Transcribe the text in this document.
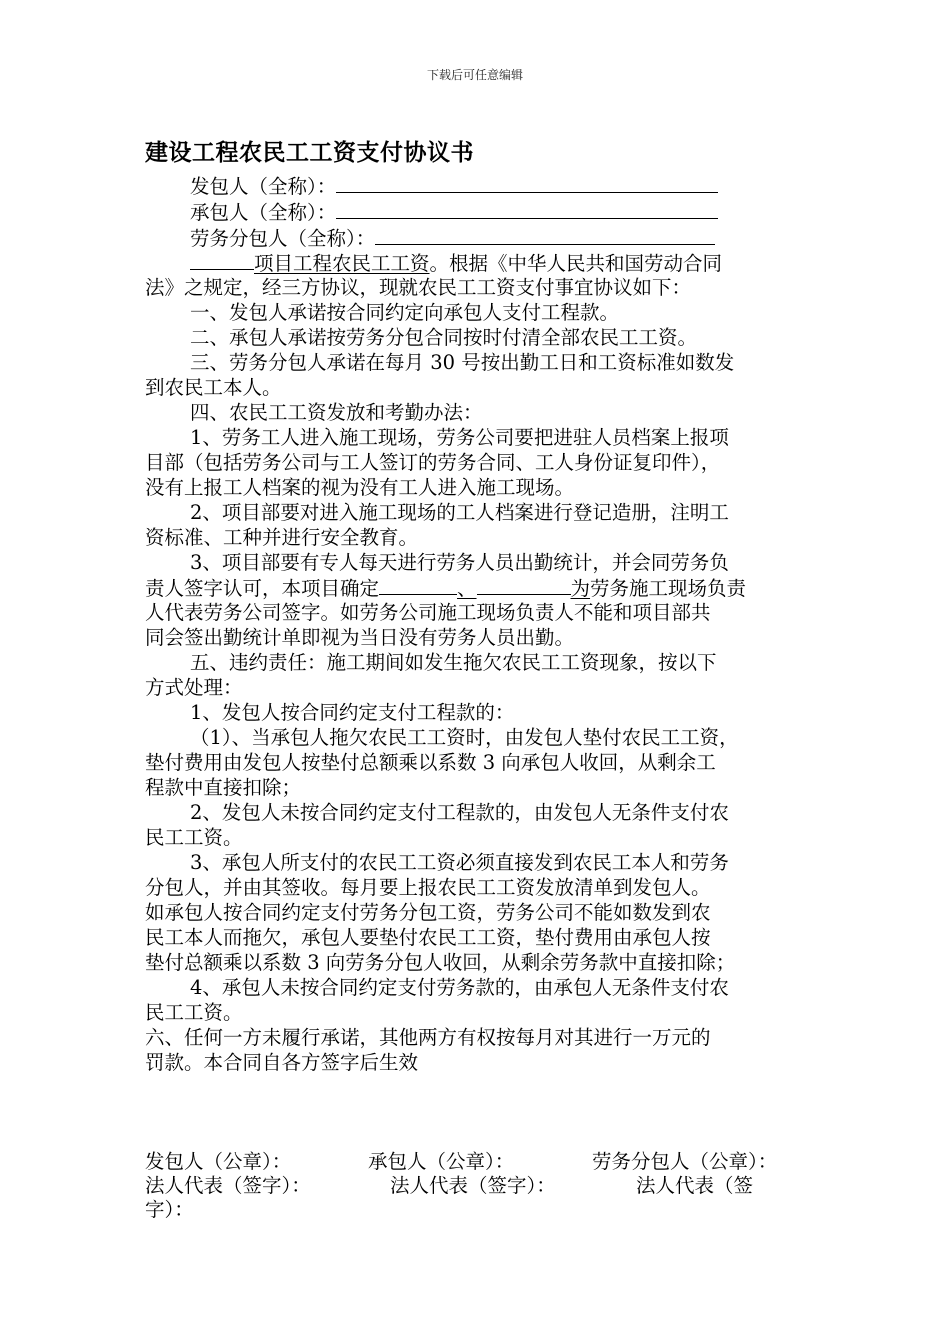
下载后可任意编辑
建设工程农民工工资支付协议书
发包人（全称）：
承包人（全称）：
劳务分包人（全称）：
项目工程农民工工资。根据《中华人民共和国劳动合同
法》之规定，经三方协议，现就农民工工资支付事宜协议如下：
一、发包人承诺按合同约定向承包人支付工程款。
二、承包人承诺按劳务分包合同按时付清全部农民工工资。
三、劳务分包人承诺在每月 30 号按出勤工日和工资标准如数发
到农民工本人。
四、农民工工资发放和考勤办法：
1、劳务工人进入施工现场，劳务公司要把进驻人员档案上报项
目部（包括劳务公司与工人签订的劳务合同、工人身份证复印件），
没有上报工人档案的视为没有工人进入施工现场。
2、项目部要对进入施工现场的工人档案进行登记造册，注明工
资标准、工种并进行安全教育。
3、项目部要有专人每天进行劳务人员出勤统计，并会同劳务负
责人签字认可，本项目确定	、	为劳务施工现场负责
人代表劳务公司签字。如劳务公司施工现场负责人不能和项目部共
同会签出勤统计单即视为当日没有劳务人员出勤。
五、违约责任：施工期间如发生拖欠农民工工资现象，按以下
方式处理：
1、发包人按合同约定支付工程款的：
（1）、当承包人拖欠农民工工资时，由发包人垫付农民工工资，
垫付费用由发包人按垫付总额乘以系数 3 向承包人收回，从剩余工
程款中直接扣除；
2、发包人未按合同约定支付工程款的，由发包人无条件支付农
民工工资。
3、承包人所支付的农民工工资必须直接发到农民工本人和劳务
分包人，并由其签收。每月要上报农民工工资发放清单到发包人。
如承包人按合同约定支付劳务分包工资，劳务公司不能如数发到农
民工本人而拖欠，承包人要垫付农民工工资，垫付费用由承包人按
垫付总额乘以系数 3 向劳务分包人收回，从剩余劳务款中直接扣除；
4、承包人未按合同约定支付劳务款的，由承包人无条件支付农
民工工资。
六、任何一方未履行承诺，其他两方有权按每月对其进行一万元的
罚款。本合同自各方签字后生效
发包人（公章）：	承包人（公章）：	劳务分包人（公章）：
法人代表（签字）：	法人代表（签字）：	法人代表（签
字）：
